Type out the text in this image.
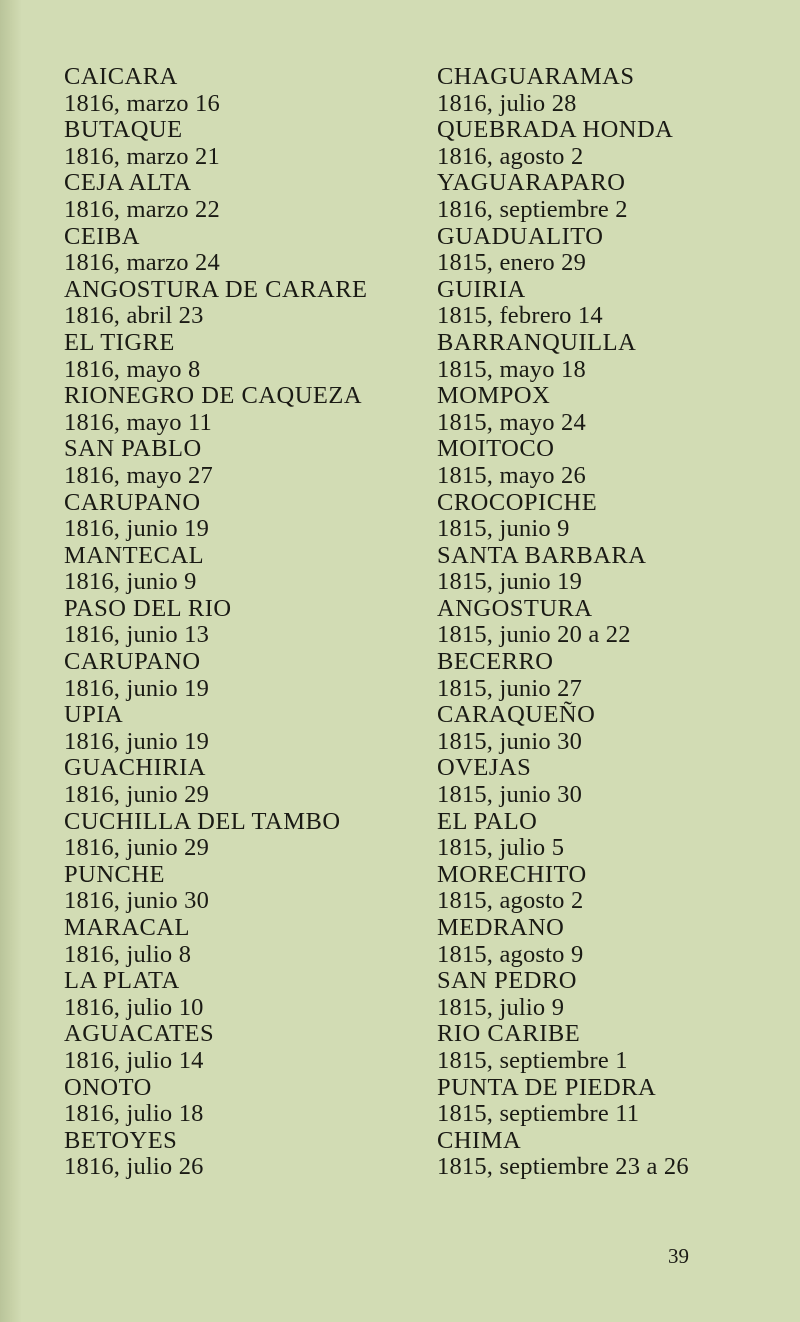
CAICARA
1816, marzo 16
BUTAQUE
1816, marzo 21
CEJA ALTA
1816, marzo 22
CEIBA
1816, marzo 24
ANGOSTURA DE CARARE
1816, abril 23
EL TIGRE
1816, mayo 8
RIONEGRO DE CAQUEZA
1816, mayo 11
SAN PABLO
1816, mayo 27
CARUPANO
1816, junio 19
MANTECAL
1816, junio 9
PASO DEL RIO
1816, junio 13
CARUPANO
1816, junio 19
UPIA
1816, junio 19
GUACHIRIA
1816, junio 29
CUCHILLA DEL TAMBO
1816, junio 29
PUNCHE
1816, junio 30
MARACAL
1816, julio 8
LA PLATA
1816, julio 10
AGUACATES
1816, julio 14
ONOTO
1816, julio 18
BETOYES
1816, julio 26
CHAGUARAMAS
1816, julio 28
QUEBRADA HONDA
1816, agosto 2
YAGUARAPARO
1816, septiembre 2
GUADUALITO
1815, enero 29
GUIRIA
1815, febrero 14
BARRANQUILLA
1815, mayo 18
MOMPOX
1815, mayo 24
MOITOCO
1815, mayo 26
CROCOPICHE
1815, junio 9
SANTA BARBARA
1815, junio 19
ANGOSTURA
1815, junio 20 a 22
BECERRO
1815, junio 27
CARAQUEÑO
1815, junio 30
OVEJAS
1815, junio 30
EL PALO
1815, julio 5
MORECHITO
1815, agosto 2
MEDRANO
1815, agosto 9
SAN PEDRO
1815, julio 9
RIO CARIBE
1815, septiembre 1
PUNTA DE PIEDRA
1815, septiembre 11
CHIMA
1815, septiembre 23 a 26
39
